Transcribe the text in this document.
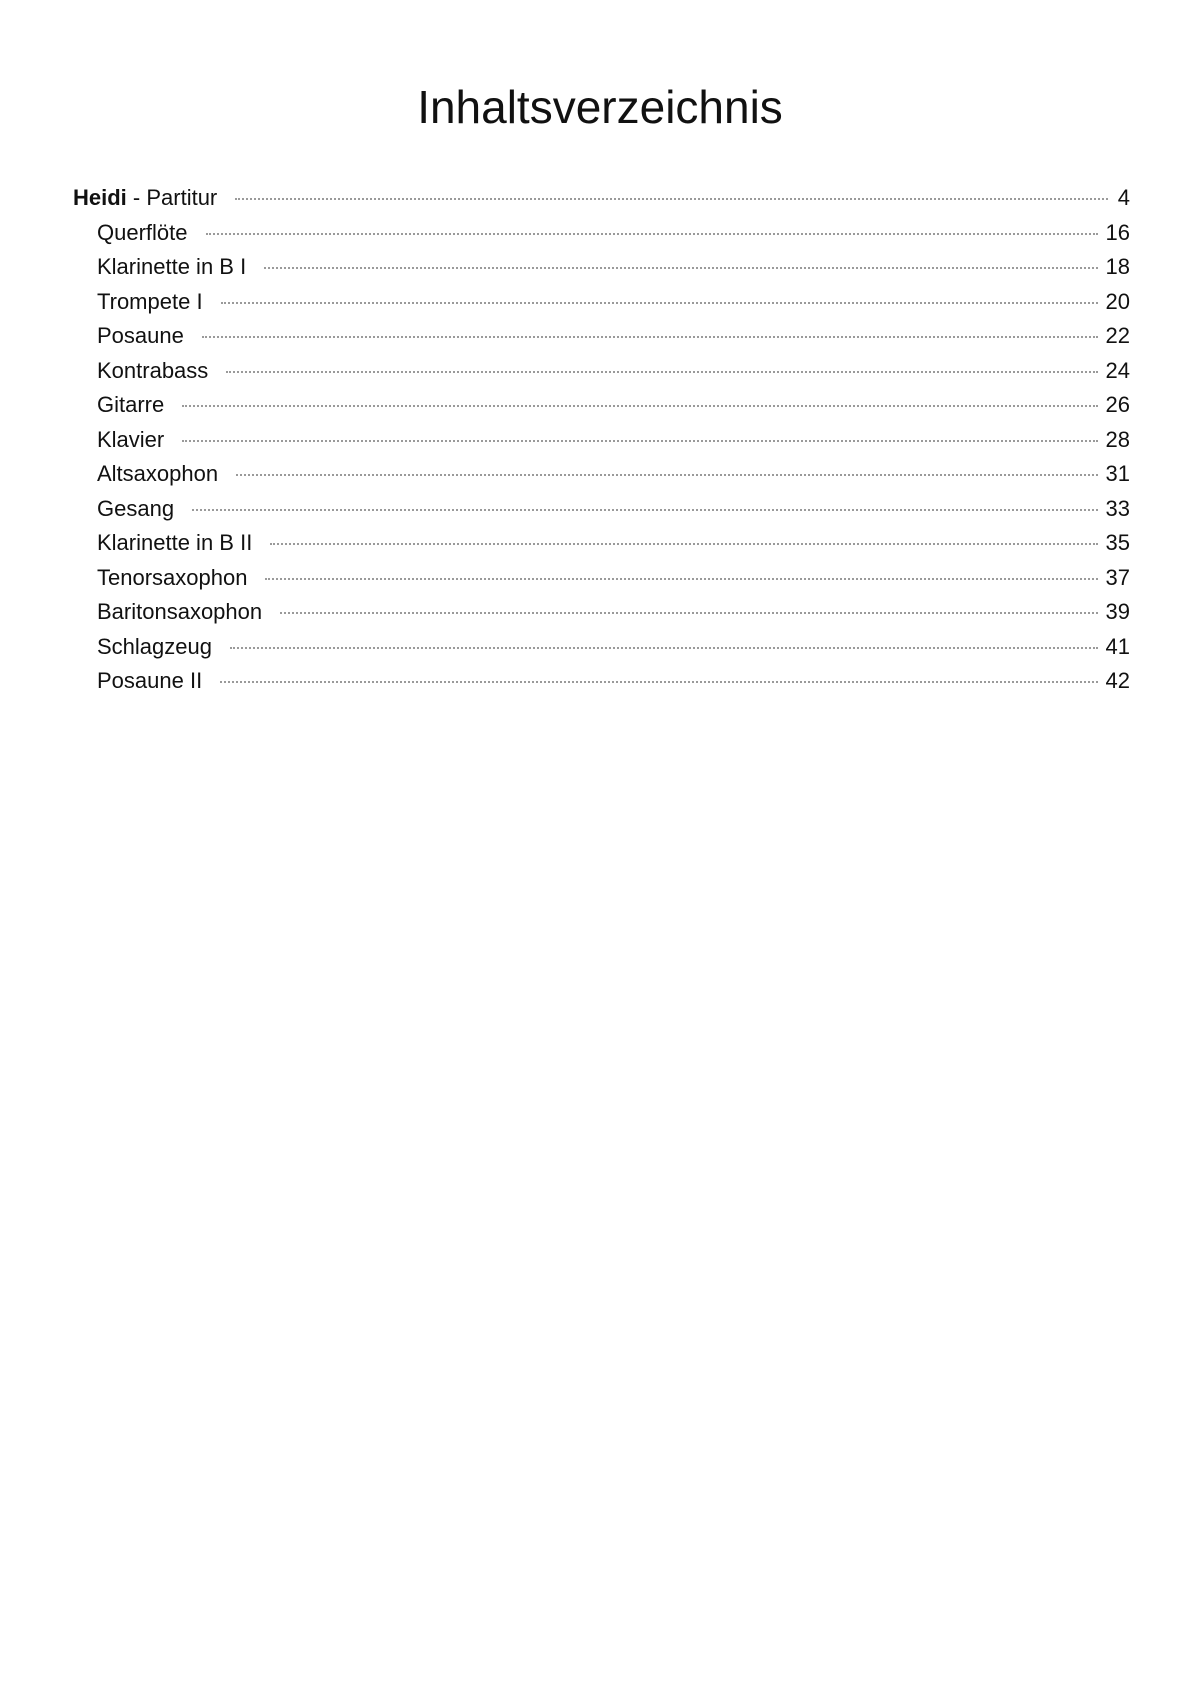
Inhaltsverzeichnis
Heidi - Partitur	4
Querflöte	16
Klarinette in B I	18
Trompete I	20
Posaune	22
Kontrabass	24
Gitarre	26
Klavier	28
Altsaxophon	31
Gesang	33
Klarinette in B II	35
Tenorsaxophon	37
Baritonsaxophon	39
Schlagzeug	41
Posaune II	42
